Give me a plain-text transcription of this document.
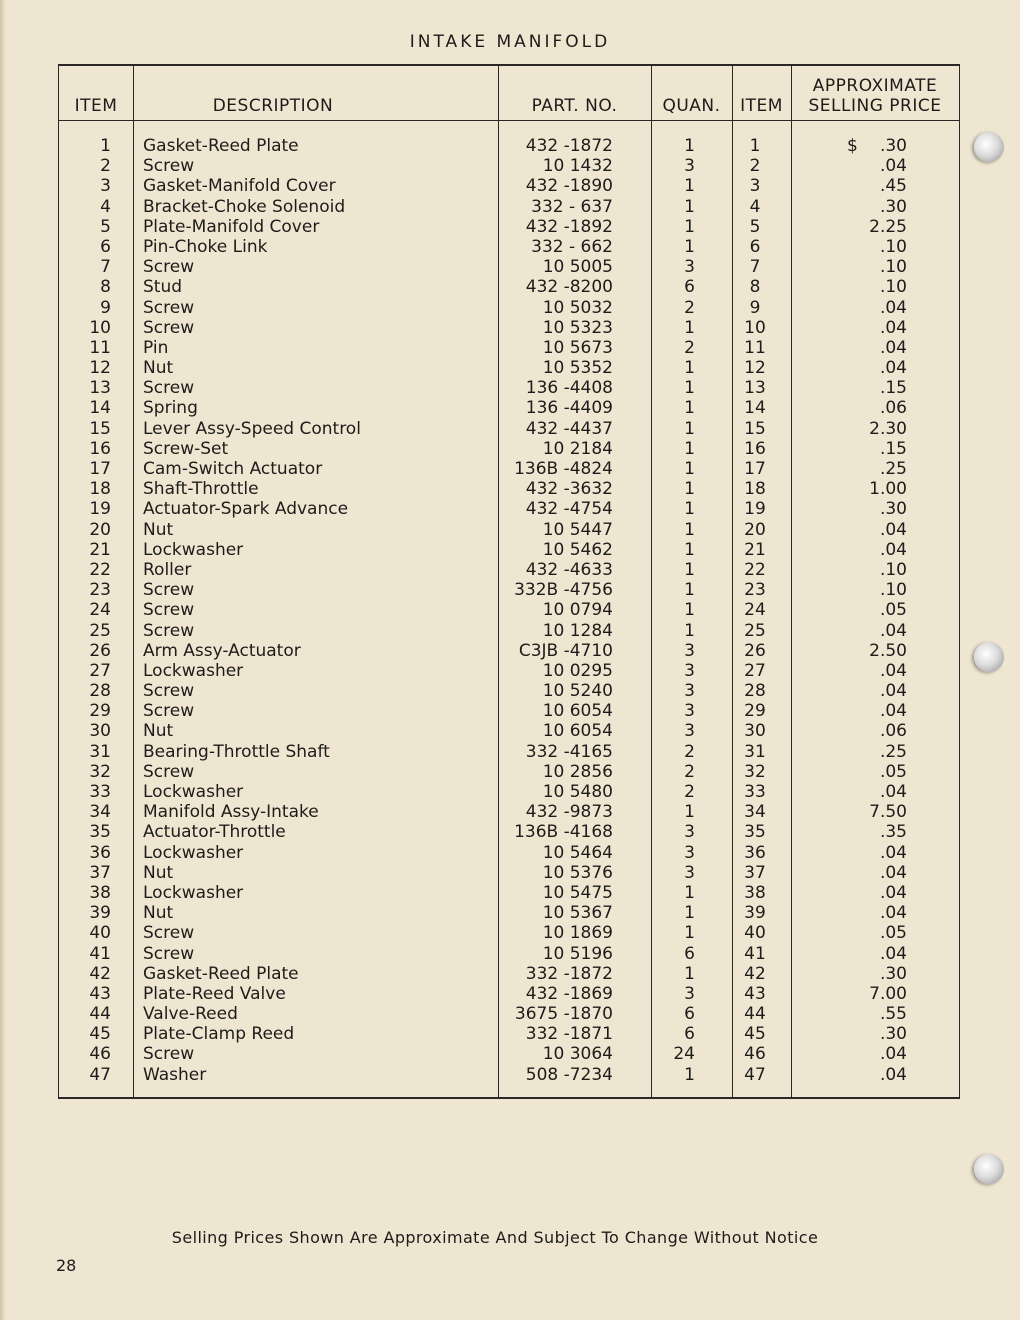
INTAKE MANIFOLD
ITEM	DESCRIPTION	PART. NO.	QUAN.	ITEM
APPROXIMATE
SELLING PRICE
1 Gasket-Reed Plate	432 -1872	1	1	.30
$
2 Screw	10 1432	3	2	.04
3 Gasket-Manifold Cover	432 -1890	1	3	.45
4 Bracket-Choke Solenoid	332 - 637	1	4	.30
5 Plate-Manifold Cover	432 -1892	1	5	2.25
6 Pin-Choke Link	332 - 662	1	6	.10
7 Screw	10 5005	3	7	.10
8 Stud	432 -8200	6	8	.10
9 Screw	10 5032	2	9	.04
10 Screw	10 5323	1	10	.04
11 Pin	10 5673	2	11	.04
12 Nut	10 5352	1	12	.04
13 Screw	136 -4408	1	13	.15
14 Spring	136 -4409	1	14	.06
15 Lever Assy-Speed Control	432 -4437	1	15	2.30
16 Screw-Set	10 2184	1	16	.15
17 Cam-Switch Actuator	136B -4824	1	17	.25
18 Shaft-Throttle	432 -3632	1	18	1.00
19 Actuator-Spark Advance	432 -4754	1	19	.30
20 Nut	10 5447	1	20	.04
21 Lockwasher	10 5462	1	21	.04
22 Roller	432 -4633	1	22	.10
23 Screw	332B -4756	1	23	.10
24 Screw	10 0794	1	24	.05
25 Screw	10 1284	1	25	.04
26 Arm Assy-Actuator	C3JB -4710	3	26	2.50
27 Lockwasher	10 0295	3	27	.04
28 Screw	10 5240	3	28	.04
29 Screw	10 6054	3	29	.04
30 Nut	10 6054	3	30	.06
31 Bearing-Throttle Shaft	332 -4165	2	31	.25
32 Screw	10 2856	2	32	.05
33 Lockwasher	10 5480	2	33	.04
34 Manifold Assy-Intake	432 -9873	1	34	7.50
35 Actuator-Throttle	136B -4168	3	35	.35
36 Lockwasher	10 5464	3	36	.04
37 Nut	10 5376	3	37	.04
38 Lockwasher	10 5475	1	38	.04
39 Nut	10 5367	1	39	.04
40 Screw	10 1869	1	40	.05
41 Screw	10 5196	6	41	.04
42 Gasket-Reed Plate	332 -1872	1	42	.30
43 Plate-Reed Valve	432 -1869	3	43	7.00
44 Valve-Reed	3675 -1870	6	44	.55
45 Plate-Clamp Reed	332 -1871	6	45	.30
46 Screw	10 3064	24	46	.04
47 Washer	508 -7234	1	47	.04
Selling Prices Shown Are Approximate And Subject To Change Without Notice
28
